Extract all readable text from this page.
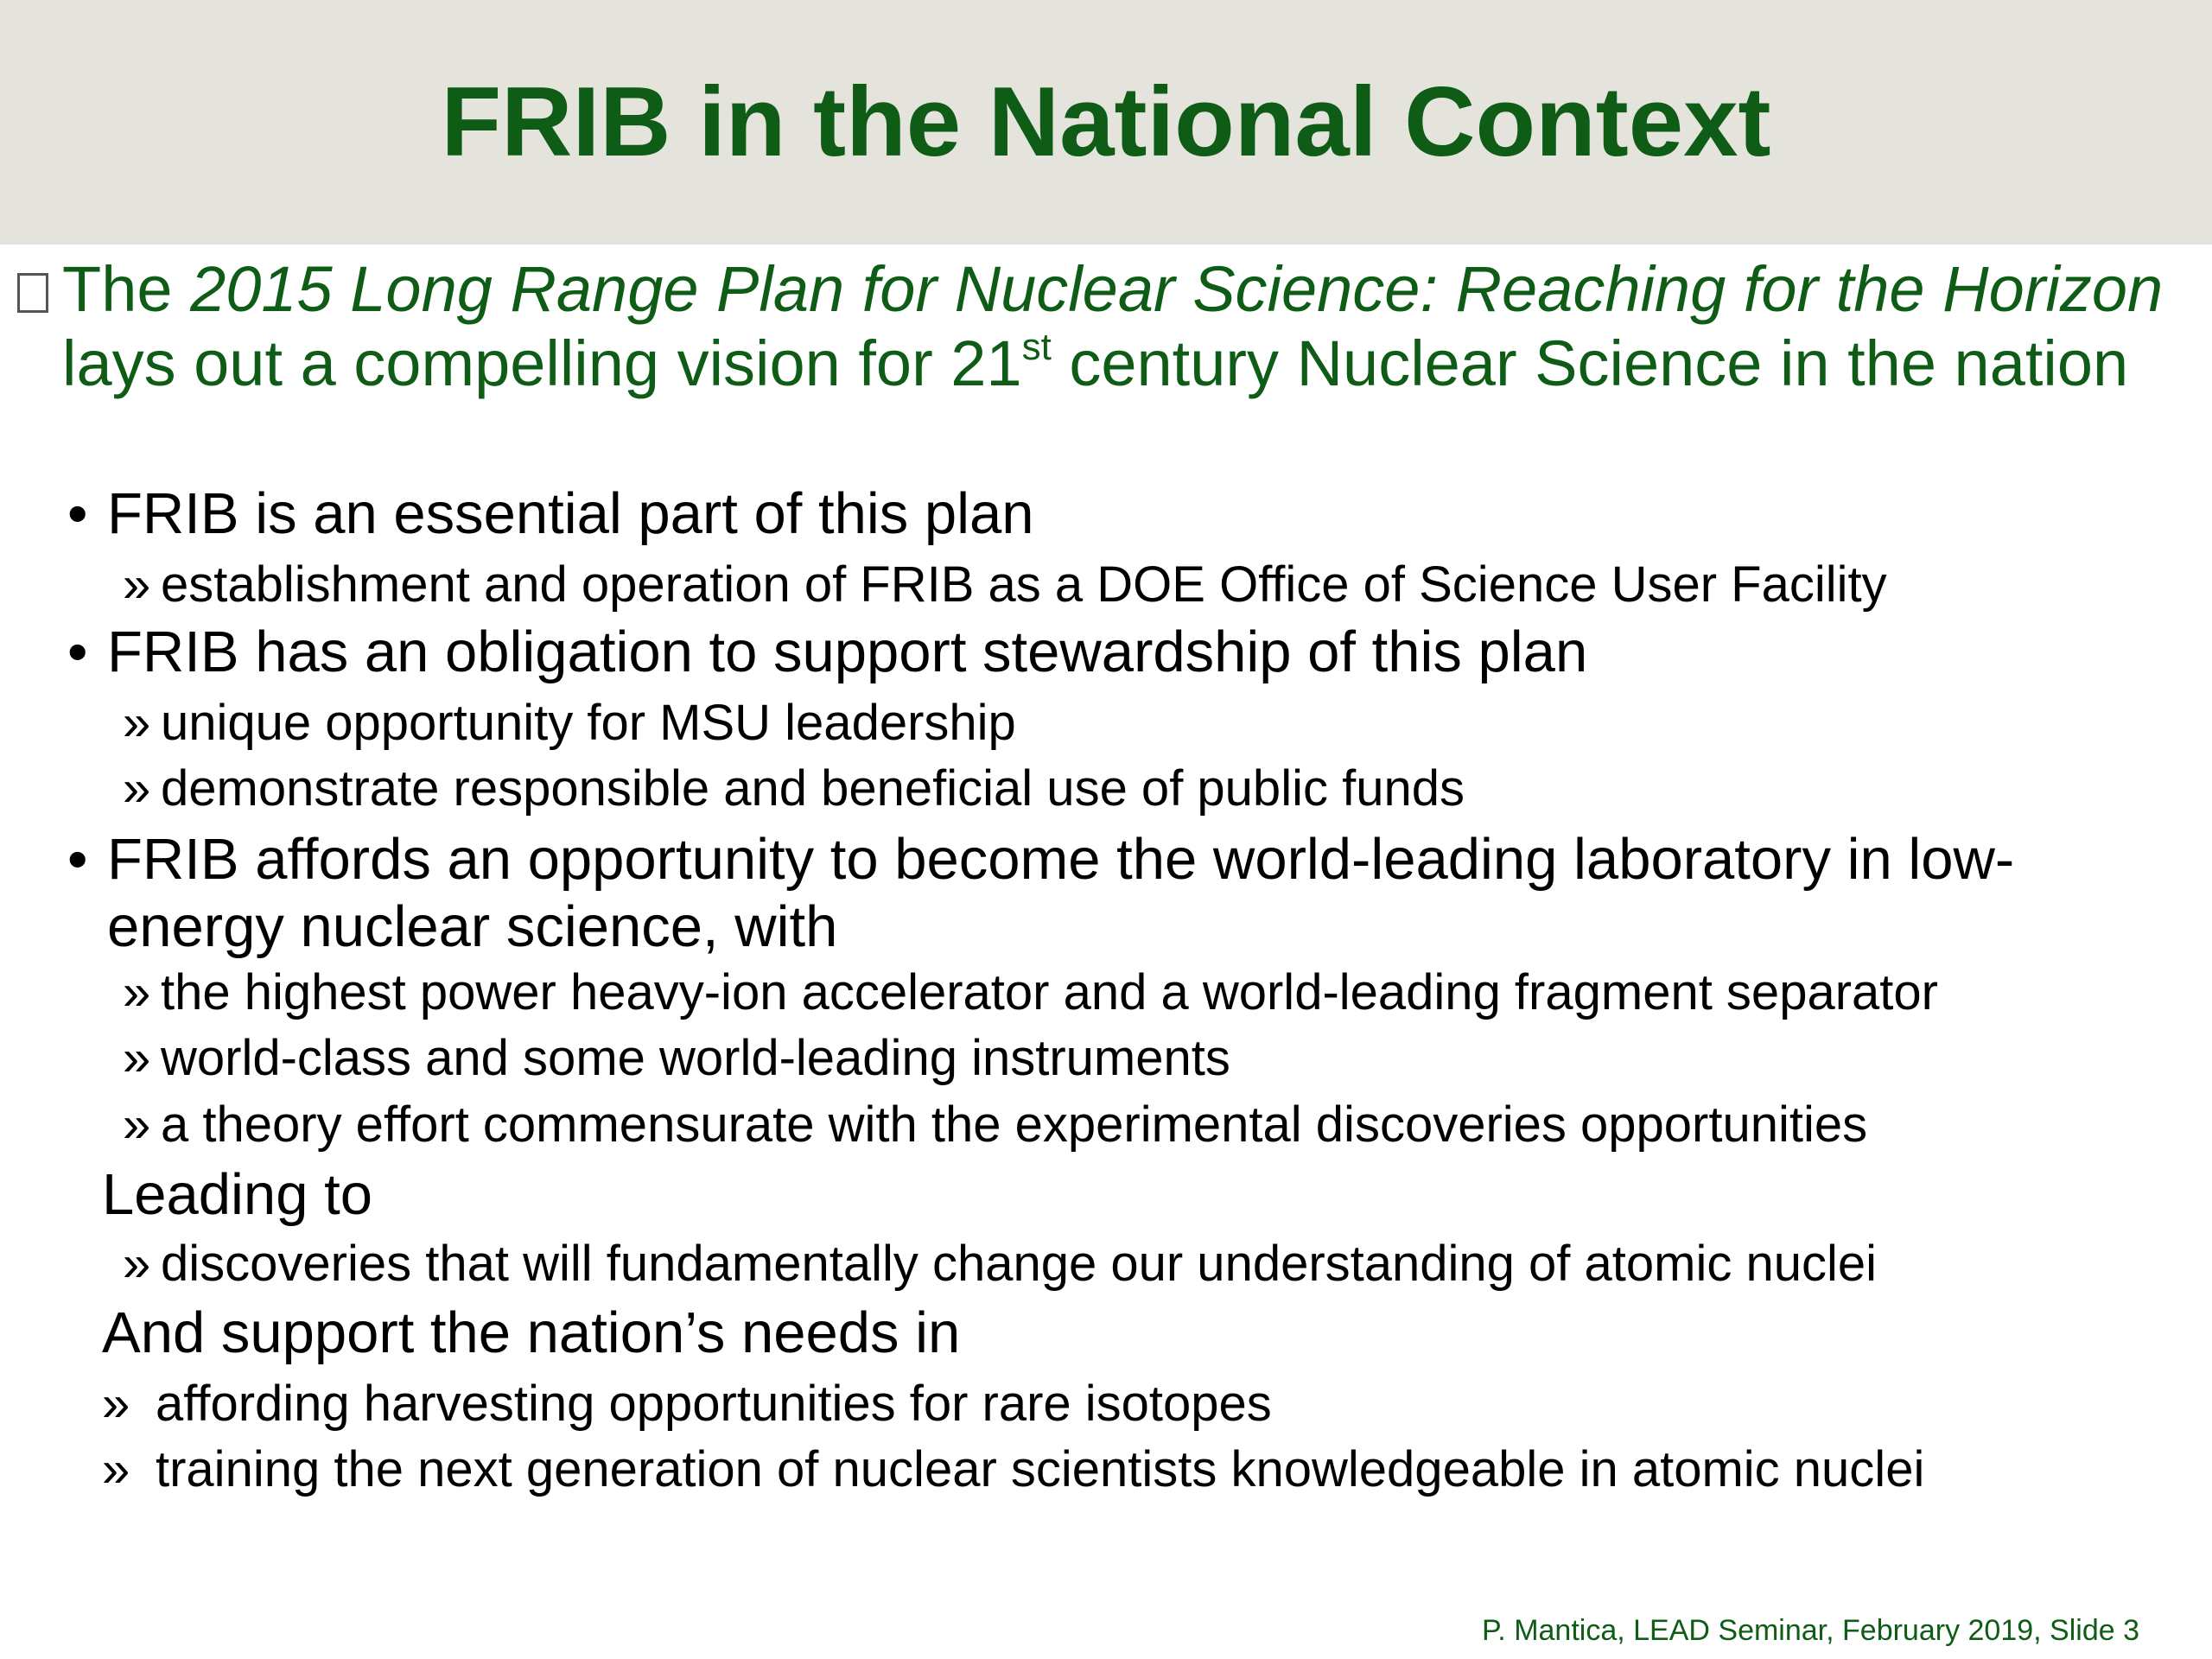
FRIB in the National Context
The 2015 Long Range Plan for Nuclear Science: Reaching for the Horizon lays out a compelling vision for 21st century Nuclear Science in the nation
• FRIB is an essential part of this plan
» establishment and operation of FRIB as a DOE Office of Science User Facility
• FRIB has an obligation to support stewardship of this plan
» unique opportunity for MSU leadership
» demonstrate responsible and beneficial use of public funds
• FRIB affords an opportunity to become the world-leading laboratory in low-energy nuclear science, with
» the highest power heavy-ion accelerator and a world-leading fragment separator
» world-class and some world-leading instruments
» a theory effort commensurate with the experimental discoveries opportunities
Leading to
» discoveries that will fundamentally change our understanding of atomic nuclei
And support the nation’s needs in
» affording harvesting opportunities for rare isotopes
» training the next generation of nuclear scientists knowledgeable in atomic nuclei
P. Mantica, LEAD Seminar, February 2019, Slide 3
